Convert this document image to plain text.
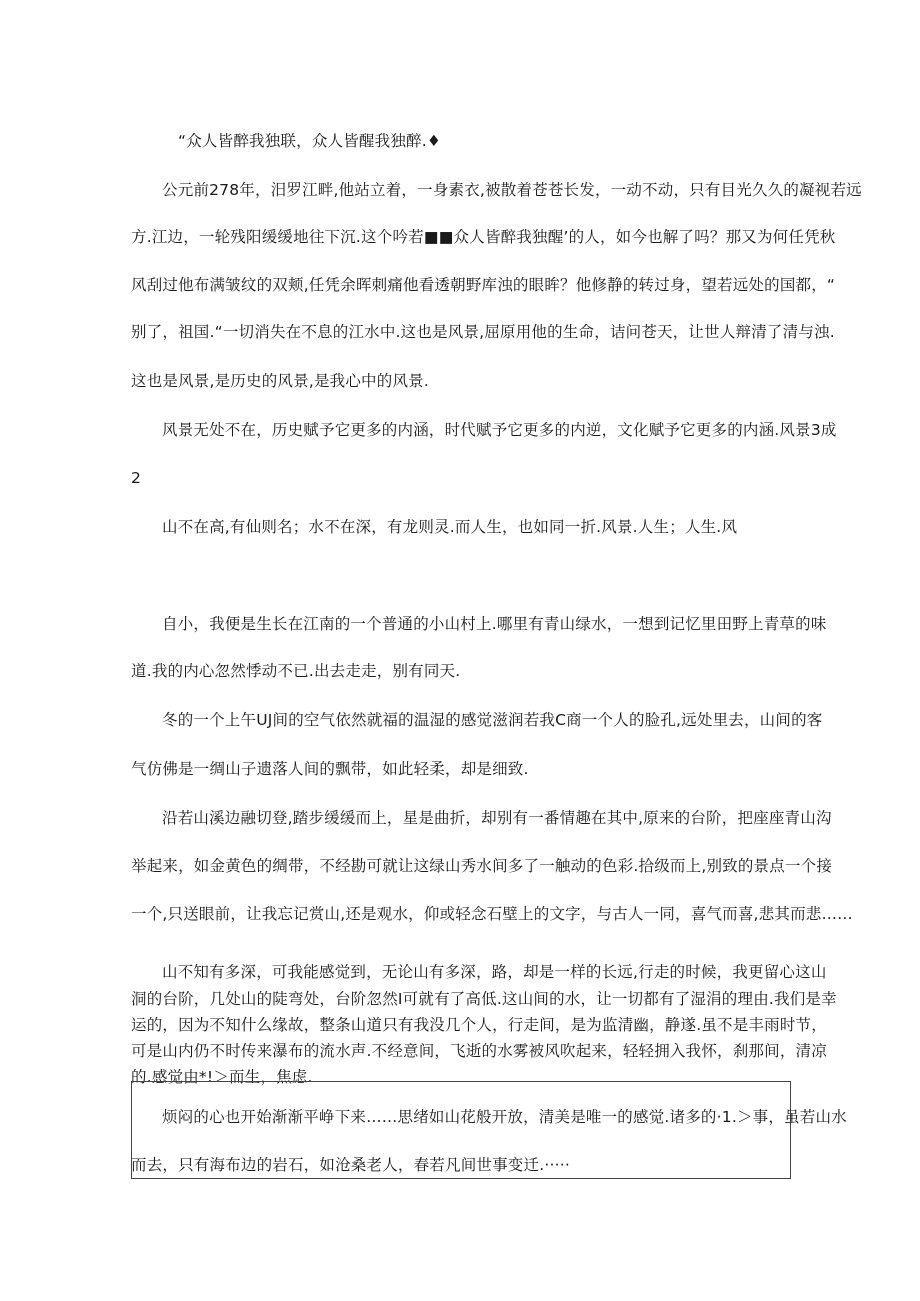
“众人皆醉我独联，众人皆醒我独醉.♦
公元前278年，汨罗江畔,他站立着，一身素衣,被散着苍苍长发，一动不动，只有目光久久的凝视若远
方.江边，一轮残阳缓缓地往下沉.这个吟若■■众人皆醉我独醒’的人，如今也解了吗？那又为何任凭秋
风刮过他布满皱纹的双颊,任凭余晖刺痛他看透朝野库浊的眼眸？他修静的转过身，望若远处的国都，“
别了，祖国.“一切消失在不息的江水中.这也是风景,屈原用他的生命，诘问苍天，让世人辩清了清与浊.
这也是风景,是历史的风景,是我心中的风景.
风景无处不在，历史赋予它更多的内涵，时代赋予它更多的内逆，文化赋予它更多的内涵.风景3成
2
山不在高,有仙则名；水不在深，有龙则灵.而人生，也如同一折.风景.人生；人生.风
自小，我便是生长在江南的一个普通的小山村上.哪里有青山绿水，一想到记忆里田野上青草的味
道.我的内心忽然悸动不已.出去走走，别有同天.
冬的一个上午UJ间的空气依然就福的温湿的感觉滋润若我C商一个人的脸孔,远处里去，山间的客
气仿佛是一绸山子遗落人间的飘带，如此轻柔，却是细致.
沿若山溪边融切登,踏步缓缓而上，星是曲折，却别有一番情趣在其中,原来的台阶，把座座青山沟
举起来，如金黄色的绸带，不经勘可就让这绿山秀水间多了一触动的色彩.拾级而上,别致的景点一个接
一个,只送眼前，让我忘记赏山,还是观水，仰或轻念石壁上的文字，与古人一同，喜气而喜,悲其而悲……
山不知有多深，可我能感觉到，无论山有多深，路，却是一样的长远,行走的时候，我更留心这山
洞的台阶，几处山的陡弯处，台阶忽然I可就有了高低.这山间的水，让一切都有了湿涓的理由.我们是幸
运的，因为不知什么缘故，整条山道只有我没几个人，行走间，是为监清幽，静遂.虽不是丰雨时节，
可是山内仍不时传来瀑布的流水声.不经意间，飞逝的水雾被风吹起来，轻轻拥入我怀，刹那间，清凉
的.感觉由*!＞而生，焦虑.
烦闷的心也开始渐渐平峥下来……思绪如山花般开放，清美是唯一的感觉.诸多的·1.＞事，虽若山水
而去，只有海布边的岩石，如沧桑老人，春若凡间世事变迁.·····
